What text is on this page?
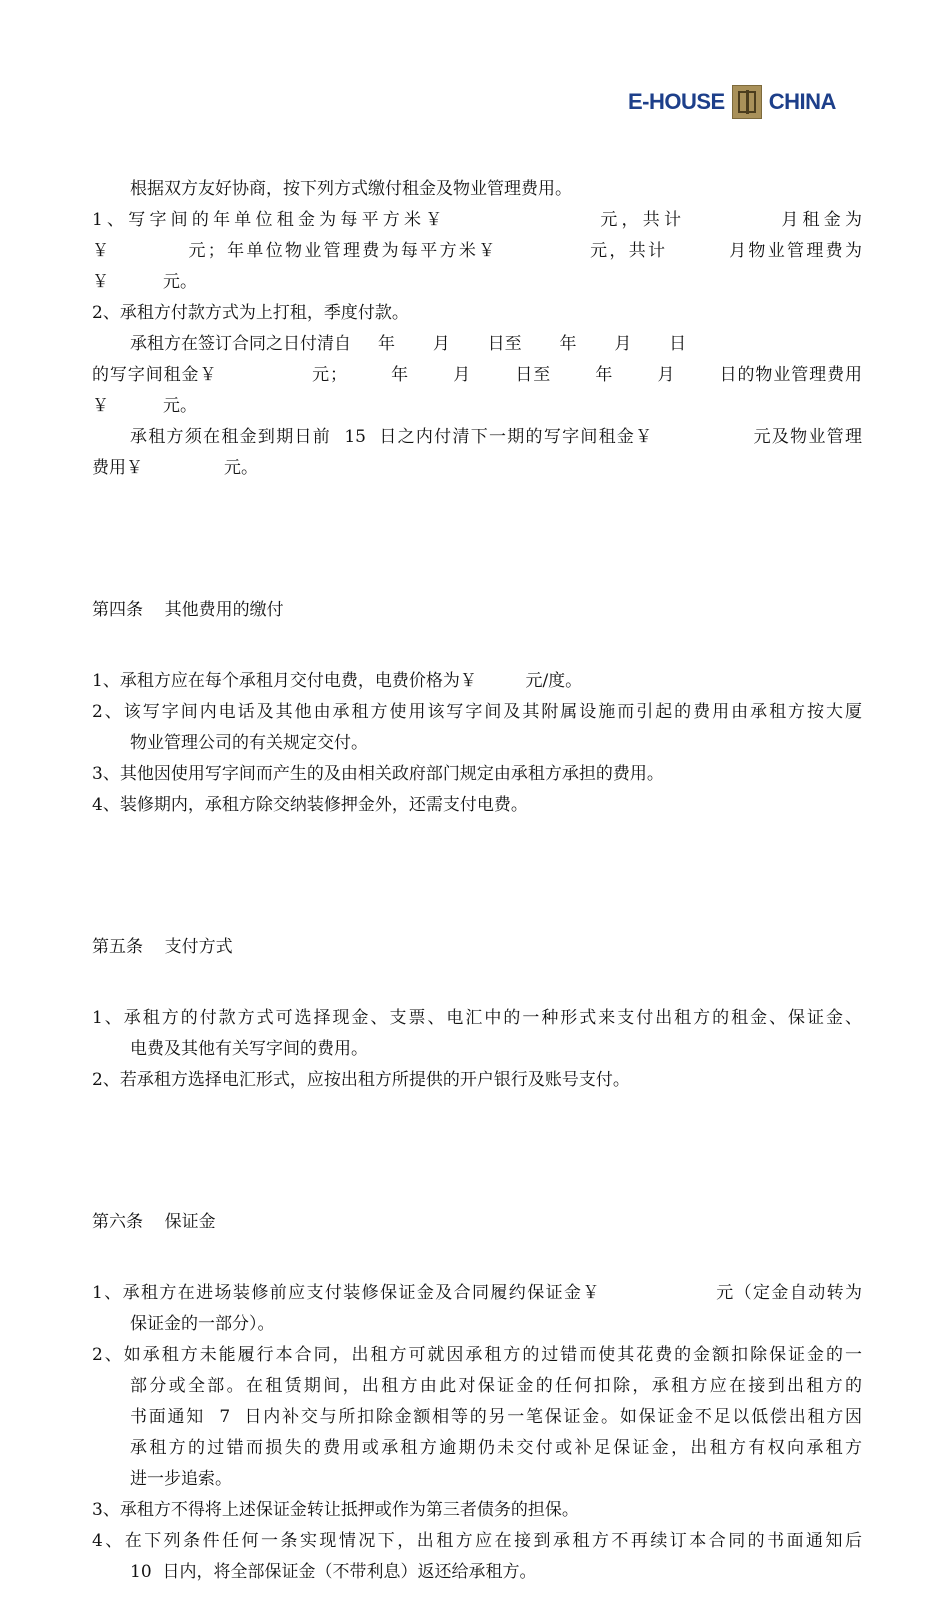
E-HOUSE CHINA

根据双方友好协商，按下列方式缴付租金及物业管理费用。
1、写字间的年单位租金为每平方米￥                元，共计          月租金为
￥          元；年单位物业管理费为每平方米￥            元，共计        月物业管理费为
￥          元。
2、承租方付款方式为上打租，季度付款。
承租方在签订合同之日付清自     年       月       日至       年       月       日
的写字间租金￥               元；       年       月       日至       年       月       日的物业管理费用
￥          元。
承租方须在租金到期日前  15  日之内付清下一期的写字间租金￥               元及物业管理
费用￥               元。

第四条    其他费用的缴付

1、承租方应在每个承租月交付电费，电费价格为￥         元/度。
2、该写字间内电话及其他由承租方使用该写字间及其附属设施而引起的费用由承租方按大厦
物业管理公司的有关规定交付。
3、其他因使用写字间而产生的及由相关政府部门规定由承租方承担的费用。
4、装修期内，承租方除交纳装修押金外，还需支付电费。

第五条    支付方式

1、承租方的付款方式可选择现金、支票、电汇中的一种形式来支付出租方的租金、保证金、
电费及其他有关写字间的费用。
2、若承租方选择电汇形式，应按出租方所提供的开户银行及账号支付。

第六条    保证金

1、承租方在进场装修前应支付装修保证金及合同履约保证金￥                 元（定金自动转为
保证金的一部分）。
2、如承租方未能履行本合同，出租方可就因承租方的过错而使其花费的金额扣除保证金的一
部分或全部。在租赁期间，出租方由此对保证金的任何扣除，承租方应在接到出租方的
书面通知  7  日内补交与所扣除金额相等的另一笔保证金。如保证金不足以低偿出租方因
承租方的过错而损失的费用或承租方逾期仍未交付或补足保证金，出租方有权向承租方
进一步追索。
3、承租方不得将上述保证金转让抵押或作为第三者债务的担保。
4、在下列条件任何一条实现情况下，出租方应在接到承租方不再续订本合同的书面通知后
10  日内，将全部保证金（不带利息）返还给承租方。
